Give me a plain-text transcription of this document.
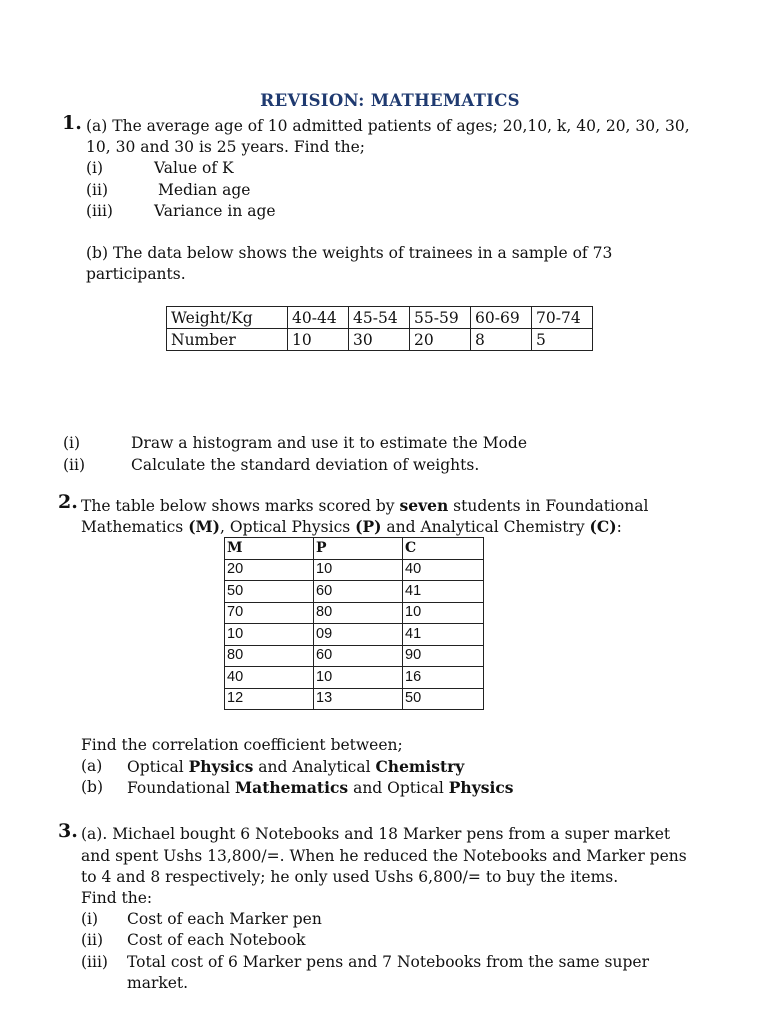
REVISION: MATHEMATICS
1. (a) The average age of 10 admitted patients of ages; 20,10, k, 40, 20, 30, 30,
10, 30 and 30 is 25 years. Find the;
(i)	Value of K
(ii)	Median age
(iii)	Variance in age
(b) The data below shows the weights of trainees in a sample of 73
participants.
Weight/Kg	40-44	45-54	55-59	60-69	70-74
Number	10	30	20	8	5
(i)	Draw a histogram and use it to estimate the Mode
(ii)	Calculate the standard deviation of weights.
2. The table below shows marks scored by seven students in Foundational
Mathematics (M), Optical Physics (P) and Analytical Chemistry (C):
M	P	C
20	10	40
50	60	41
70	80	10
10	09	41
80	60	90
40	10	16
12	13	50
Find the correlation coefficient between;
(a) Optical Physics and Analytical Chemistry
(b) Foundational Mathematics and Optical Physics
3. (a). Michael bought 6 Notebooks and 18 Marker pens from a super market
and spent Ushs 13,800/=. When he reduced the Notebooks and Marker pens
to 4 and 8 respectively; he only used Ushs 6,800/= to buy the items.
Find the:
(i) Cost of each Marker pen
(ii) Cost of each Notebook
(iii) Total cost of 6 Marker pens and 7 Notebooks from the same super
market.
